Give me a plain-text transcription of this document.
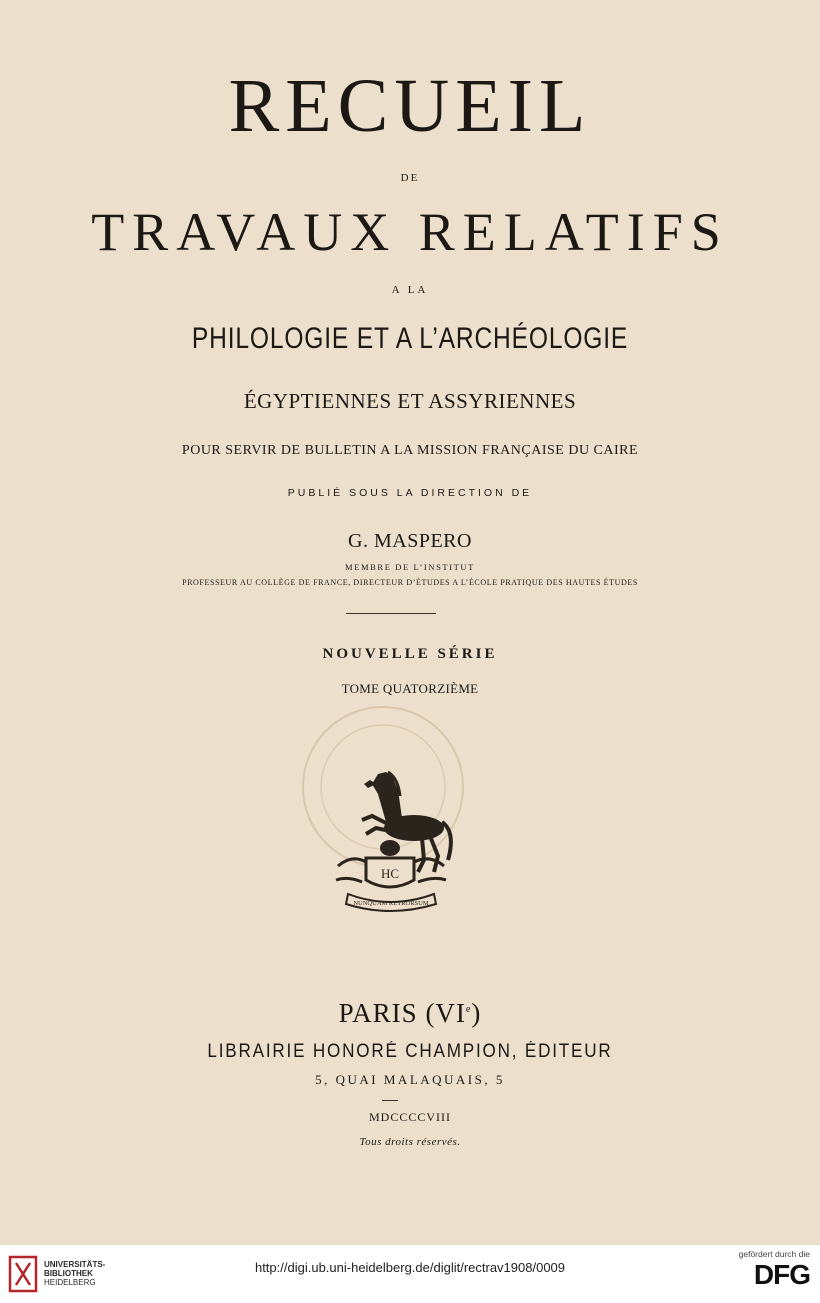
RECUEIL
DE
TRAVAUX RELATIFS
A LA
PHILOLOGIE ET A L’ARCHÉOLOGIE
ÉGYPTIENNES ET ASSYRIENNES
POUR SERVIR DE BULLETIN A LA MISSION FRANÇAISE DU CAIRE
PUBLIÉ SOUS LA DIRECTION DE
G. MASPERO
MEMBRE DE L’INSTITUT
PROFESSEUR AU COLLÈGE DE FRANCE, DIRECTEUR D’ÉTUDES A L’ÉCOLE PRATIQUE DES HAUTES ÉTUDES
NOUVELLE SÉRIE
TOME QUATORZIÈME
HC
NUNQUAM RETRORSUM
PARIS (VIe)
LIBRAIRIE HONORÉ CHAMPION, ÉDITEUR
5, QUAI MALAQUAIS, 5
MDCCCCVIII
Tous droits réservés.
UNIVERSITÄTS-
BIBLIOTHEK
HEIDELBERG
http://digi.ub.uni-heidelberg.de/diglit/rectrav1908/0009
gefördert durch die
DFG
